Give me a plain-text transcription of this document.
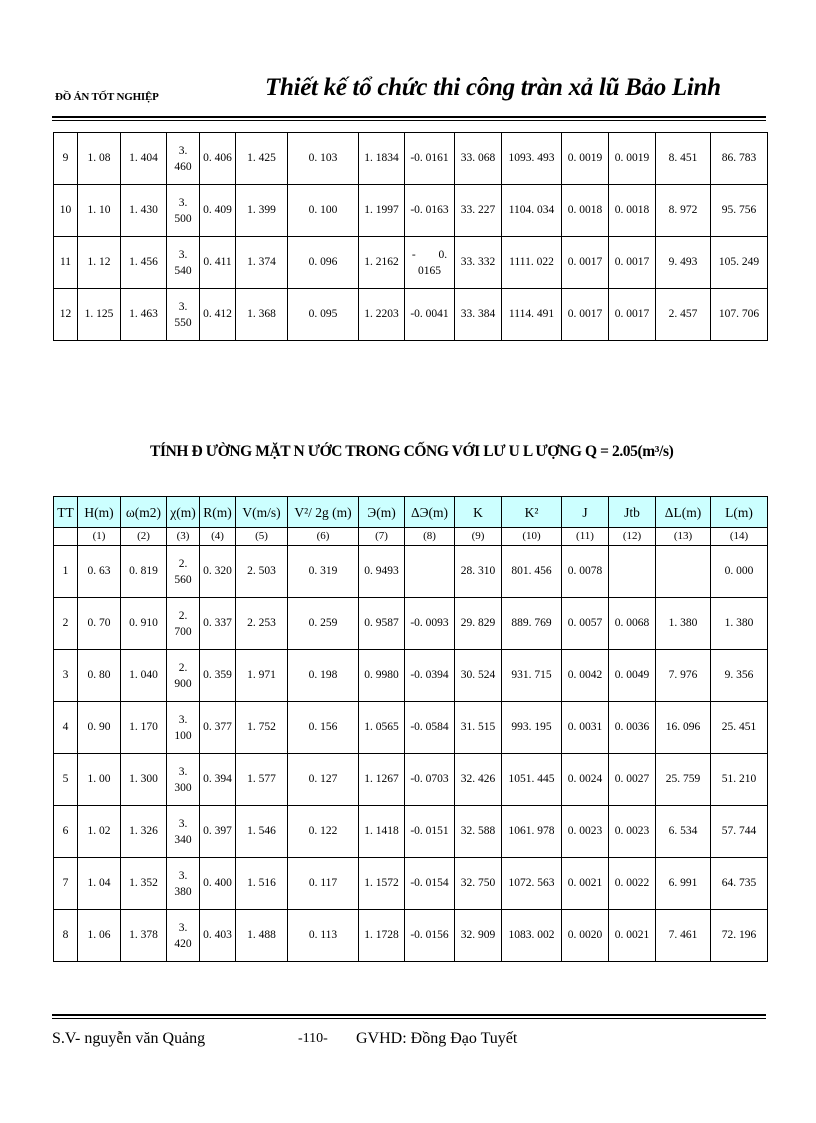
ĐỒ ÁN TỐT NGHIỆP	Thiết kế tổ chức thi công tràn xả lũ Bảo Linh
9	1. 08	1. 404	3. 460	0. 406	1. 425	0. 103	1. 1834	-0. 0161	33. 068	1093. 493	0. 0019	0. 0019	8. 451	86. 783
10	1. 10	1. 430	3. 500	0. 409	1. 399	0. 100	1. 1997	-0. 0163	33. 227	1104. 034	0. 0018	0. 0018	8. 972	95. 756
11	1. 12	1. 456	3. 540	0. 411	1. 374	0. 096	1. 2162	- 0. 0165	33. 332	1111. 022	0. 0017	0. 0017	9. 493	105. 249
12	1. 125	1. 463	3. 550	0. 412	1. 368	0. 095	1. 2203	-0. 0041	33. 384	1114. 491	0. 0017	0. 0017	2. 457	107. 706
TÍNH Đ ƯỜNG MẶT N ƯỚC TRONG CỐNG VỚI LƯ U L ƯỢNG Q = 2.05(m³/s)
TT	H(m)	ω(m2)	χ(m)	R(m)	V(m/s)	V²/ 2g (m)	Э(m)	ΔЭ(m)	K	K²	J	Jtb	ΔL(m)	L(m)
	(1)	(2)	(3)	(4)	(5)	(6)	(7)	(8)	(9)	(10)	(11)	(12)	(13)	(14)
1	0. 63	0. 819	2. 560	0. 320	2. 503	0. 319	0. 9493		28. 310	801. 456	0. 0078			0. 000
2	0. 70	0. 910	2. 700	0. 337	2. 253	0. 259	0. 9587	-0. 0093	29. 829	889. 769	0. 0057	0. 0068	1. 380	1. 380
3	0. 80	1. 040	2. 900	0. 359	1. 971	0. 198	0. 9980	-0. 0394	30. 524	931. 715	0. 0042	0. 0049	7. 976	9. 356
4	0. 90	1. 170	3. 100	0. 377	1. 752	0. 156	1. 0565	-0. 0584	31. 515	993. 195	0. 0031	0. 0036	16. 096	25. 451
5	1. 00	1. 300	3. 300	0. 394	1. 577	0. 127	1. 1267	-0. 0703	32. 426	1051. 445	0. 0024	0. 0027	25. 759	51. 210
6	1. 02	1. 326	3. 340	0. 397	1. 546	0. 122	1. 1418	-0. 0151	32. 588	1061. 978	0. 0023	0. 0023	6. 534	57. 744
7	1. 04	1. 352	3. 380	0. 400	1. 516	0. 117	1. 1572	-0. 0154	32. 750	1072. 563	0. 0021	0. 0022	6. 991	64. 735
8	1. 06	1. 378	3. 420	0. 403	1. 488	0. 113	1. 1728	-0. 0156	32. 909	1083. 002	0. 0020	0. 0021	7. 461	72. 196
S.V- nguyễn văn Quảng	-110- GVHD: Đồng Đạo Tuyết
